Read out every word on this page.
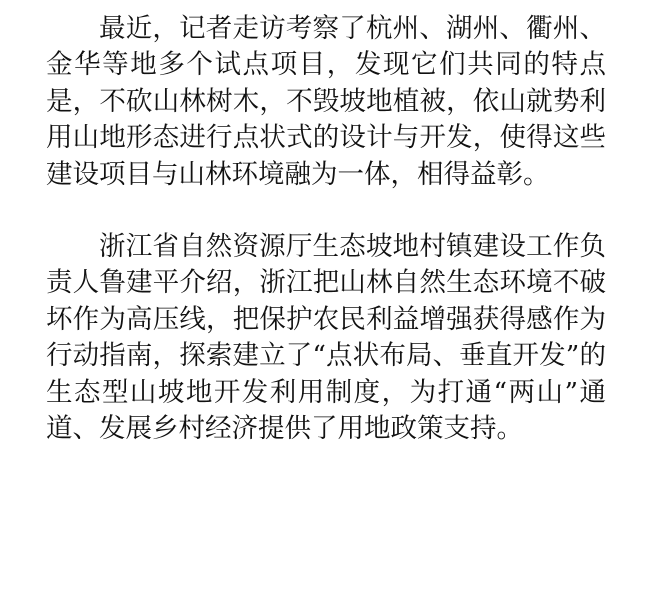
最近，记者走访考察了杭州、湖州、衢州、金华等地多个试点项目，发现它们共同的特点是，不砍山林树木，不毁坡地植被，依山就势利用山地形态进行点状式的设计与开发，使得这些建设项目与山林环境融为一体，相得益彰。

浙江省自然资源厅生态坡地村镇建设工作负责人鲁建平介绍，浙江把山林自然生态环境不破坏作为高压线，把保护农民利益增强获得感作为行动指南，探索建立了“点状布局、垂直开发”的生态型山坡地开发利用制度，为打通“两山”通道、发展乡村经济提供了用地政策支持。
